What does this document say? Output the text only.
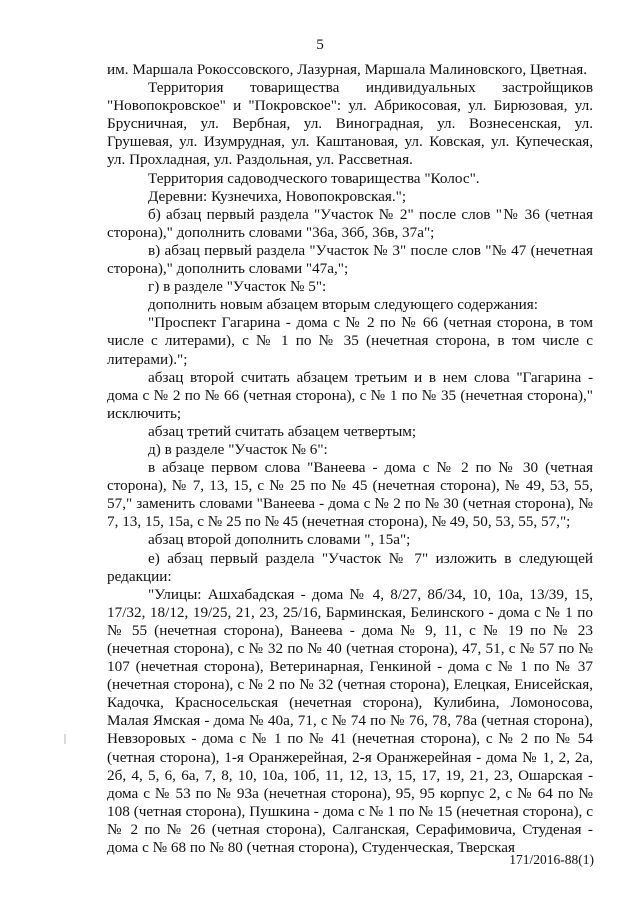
5

им. Маршала Рокоссовского, Лазурная, Маршала Малиновского, Цветная.

Территория товарищества индивидуальных застройщиков "Новопокровское" и "Покровское": ул. Абрикосовая, ул. Бирюзовая, ул. Брусничная, ул. Вербная, ул. Виноградная, ул. Вознесенская, ул. Грушевая, ул. Изумрудная, ул. Каштановая, ул. Ковская, ул. Купеческая, ул. Прохладная, ул. Раздольная, ул. Рассветная.

Территория садоводческого товарищества "Колос".

Деревни: Кузнечиха, Новопокровская.";

б) абзац первый раздела "Участок № 2" после слов "№ 36 (четная сторона)," дополнить словами "36а, 36б, 36в, 37а";

в) абзац первый раздела "Участок № 3" после слов "№ 47 (нечетная сторона)," дополнить словами "47а,";

г) в разделе "Участок № 5":

дополнить новым абзацем вторым следующего содержания:

"Проспект Гагарина - дома с № 2 по № 66 (четная сторона, в том числе с литерами), с № 1 по № 35 (нечетная сторона, в том числе с литерами).";

абзац второй считать абзацем третьим и в нем слова "Гагарина - дома с № 2 по № 66 (четная сторона), с № 1 по № 35 (нечетная сторона)," исключить;

абзац третий считать абзацем четвертым;

д) в разделе "Участок № 6":

в абзаце первом слова "Ванеева - дома с № 2 по № 30 (четная сторона), № 7, 13, 15, с № 25 по № 45 (нечетная сторона), № 49, 53, 55, 57," заменить словами "Ванеева - дома с № 2 по № 30 (четная сторона), № 7, 13, 15, 15а, с № 25 по № 45 (нечетная сторона), № 49, 50, 53, 55, 57,";

абзац второй дополнить словами ", 15а";

е) абзац первый раздела "Участок № 7" изложить в следующей редакции:

"Улицы: Ашхабадская - дома № 4, 8/27, 8б/34, 10, 10а, 13/39, 15, 17/32, 18/12, 19/25, 21, 23, 25/16, Барминская, Белинского - дома с № 1 по № 55 (нечетная сторона), Ванеева - дома № 9, 11, с № 19 по № 23 (нечетная сторона), с № 32 по № 40 (четная сторона), 47, 51, с № 57 по № 107 (нечетная сторона), Ветеринарная, Генкиной - дома с № 1 по № 37 (нечетная сторона), с № 2 по № 32 (четная сторона), Елецкая, Енисейская, Кадочка, Красносельская (нечетная сторона), Кулибина, Ломоносова, Малая Ямская - дома № 40а, 71, с № 74 по № 76, 78, 78а (четная сторона), Невзоровых - дома с № 1 по № 41 (нечетная сторона), с № 2 по № 54 (четная сторона), 1-я Оранжерейная, 2-я Оранжерейная - дома № 1, 2, 2а, 2б, 4, 5, 6, 6а, 7, 8, 10, 10а, 10б, 11, 12, 13, 15, 17, 19, 21, 23, Ошарская - дома с № 53 по № 93а (нечетная сторона), 95, 95 корпус 2, с № 64 по № 108 (четная сторона), Пушкина - дома с № 1 по № 15 (нечетная сторона), с № 2 по № 26 (четная сторона), Салганская, Серафимовича, Студеная - дома с № 68 по № 80 (четная сторона), Студенческая, Тверская

171/2016-88(1)
